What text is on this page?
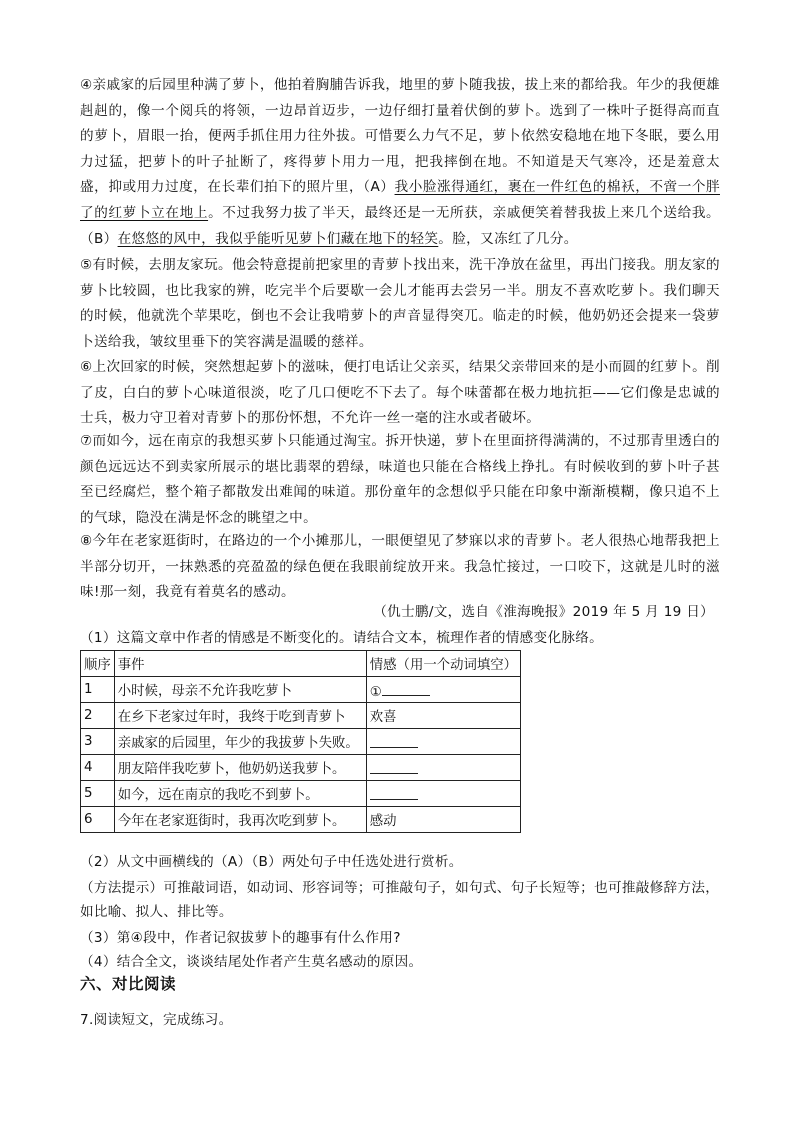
④亲戚家的后园里种满了萝卜，他拍着胸脯告诉我，地里的萝卜随我拔，拔上来的都给我。年少的我便雄赳赳的，像一个阅兵的将领，一边昂首迈步，一边仔细打量着伏倒的萝卜。选到了一株叶子挺得高而直的萝卜，眉眼一抬，便两手抓住用力往外拔。可惜要么力气不足，萝卜依然安稳地在地下冬眠，要么用力过猛，把萝卜的叶子扯断了，疼得萝卜用力一甩，把我摔倒在地。不知道是天气寒冷，还是羞意太盛，抑或用力过度，在长辈们拍下的照片里，（A）我小脸涨得通红，裹在一件红色的棉袄，不啻一个胖了的红萝卜立在地上。不过我努力拔了半天，最终还是一无所获，亲戚便笑着替我拔上来几个送给我。（B）在悠悠的风中，我似乎能听见萝卜们藏在地下的轻笑。脸，又冻红了几分。

⑤有时候，去朋友家玩。他会特意提前把家里的青萝卜找出来，洗干净放在盆里，再出门接我。朋友家的萝卜比较圆，也比我家的辨，吃完半个后要歇一会儿才能再去尝另一半。朋友不喜欢吃萝卜。我们聊天的时候，他就洗个苹果吃，倒也不会让我啃萝卜的声音显得突兀。临走的时候，他奶奶还会提来一袋萝卜送给我，皱纹里垂下的笑容满是温暖的慈祥。

⑥上次回家的时候，突然想起萝卜的滋味，便打电话让父亲买，结果父亲带回来的是小而圆的红萝卜。削了皮，白白的萝卜心味道很淡，吃了几口便吃不下去了。每个味蕾都在极力地抗拒——它们像是忠诚的士兵，极力守卫着对青萝卜的那份怀想，不允许一丝一毫的注水或者破坏。

⑦而如今，远在南京的我想买萝卜只能通过淘宝。拆开快递，萝卜在里面挤得满满的，不过那青里透白的颜色远远达不到卖家所展示的堪比翡翠的碧绿，味道也只能在合格线上挣扎。有时候收到的萝卜叶子甚至已经腐烂，整个箱子都散发出难闻的味道。那份童年的念想似乎只能在印象中渐渐模糊，像只追不上的气球，隐没在满是怀念的眺望之中。

⑧今年在老家逛街时，在路边的一个小摊那儿，一眼便望见了梦寐以求的青萝卜。老人很热心地帮我把上半部分切开，一抹熟悉的亮盈盈的绿色便在我眼前绽放开来。我急忙接过，一口咬下，这就是儿时的滋味!那一刻，我竟有着莫名的感动。

（仇士鹏/文，选自《淮海晚报》2019 年 5 月 19 日）

（1）这篇文章中作者的情感是不断变化的。请结合文本，梳理作者的情感变化脉络。

顺序	事件	情感（用一个动词填空）
1	小时候，母亲不允许我吃萝卜	①
2	在乡下老家过年时，我终于吃到青萝卜	欢喜
3	亲戚家的后园里，年少的我拔萝卜失败。	
4	朋友陪伴我吃萝卜，他奶奶送我萝卜。	
5	如今，远在南京的我吃不到萝卜。	
6	今年在老家逛街时，我再次吃到萝卜。	感动

（2）从文中画横线的（A）（B）两处句子中任选处进行赏析。

（方法提示）可推敲词语，如动词、形容词等；可推敲句子，如句式、句子长短等；也可推敲修辞方法，如比喻、拟人、排比等。

（3）第④段中，作者记叙拔萝卜的趣事有什么作用?

（4）结合全文，谈谈结尾处作者产生莫名感动的原因。

六、对比阅读
7.阅读短文，完成练习。
